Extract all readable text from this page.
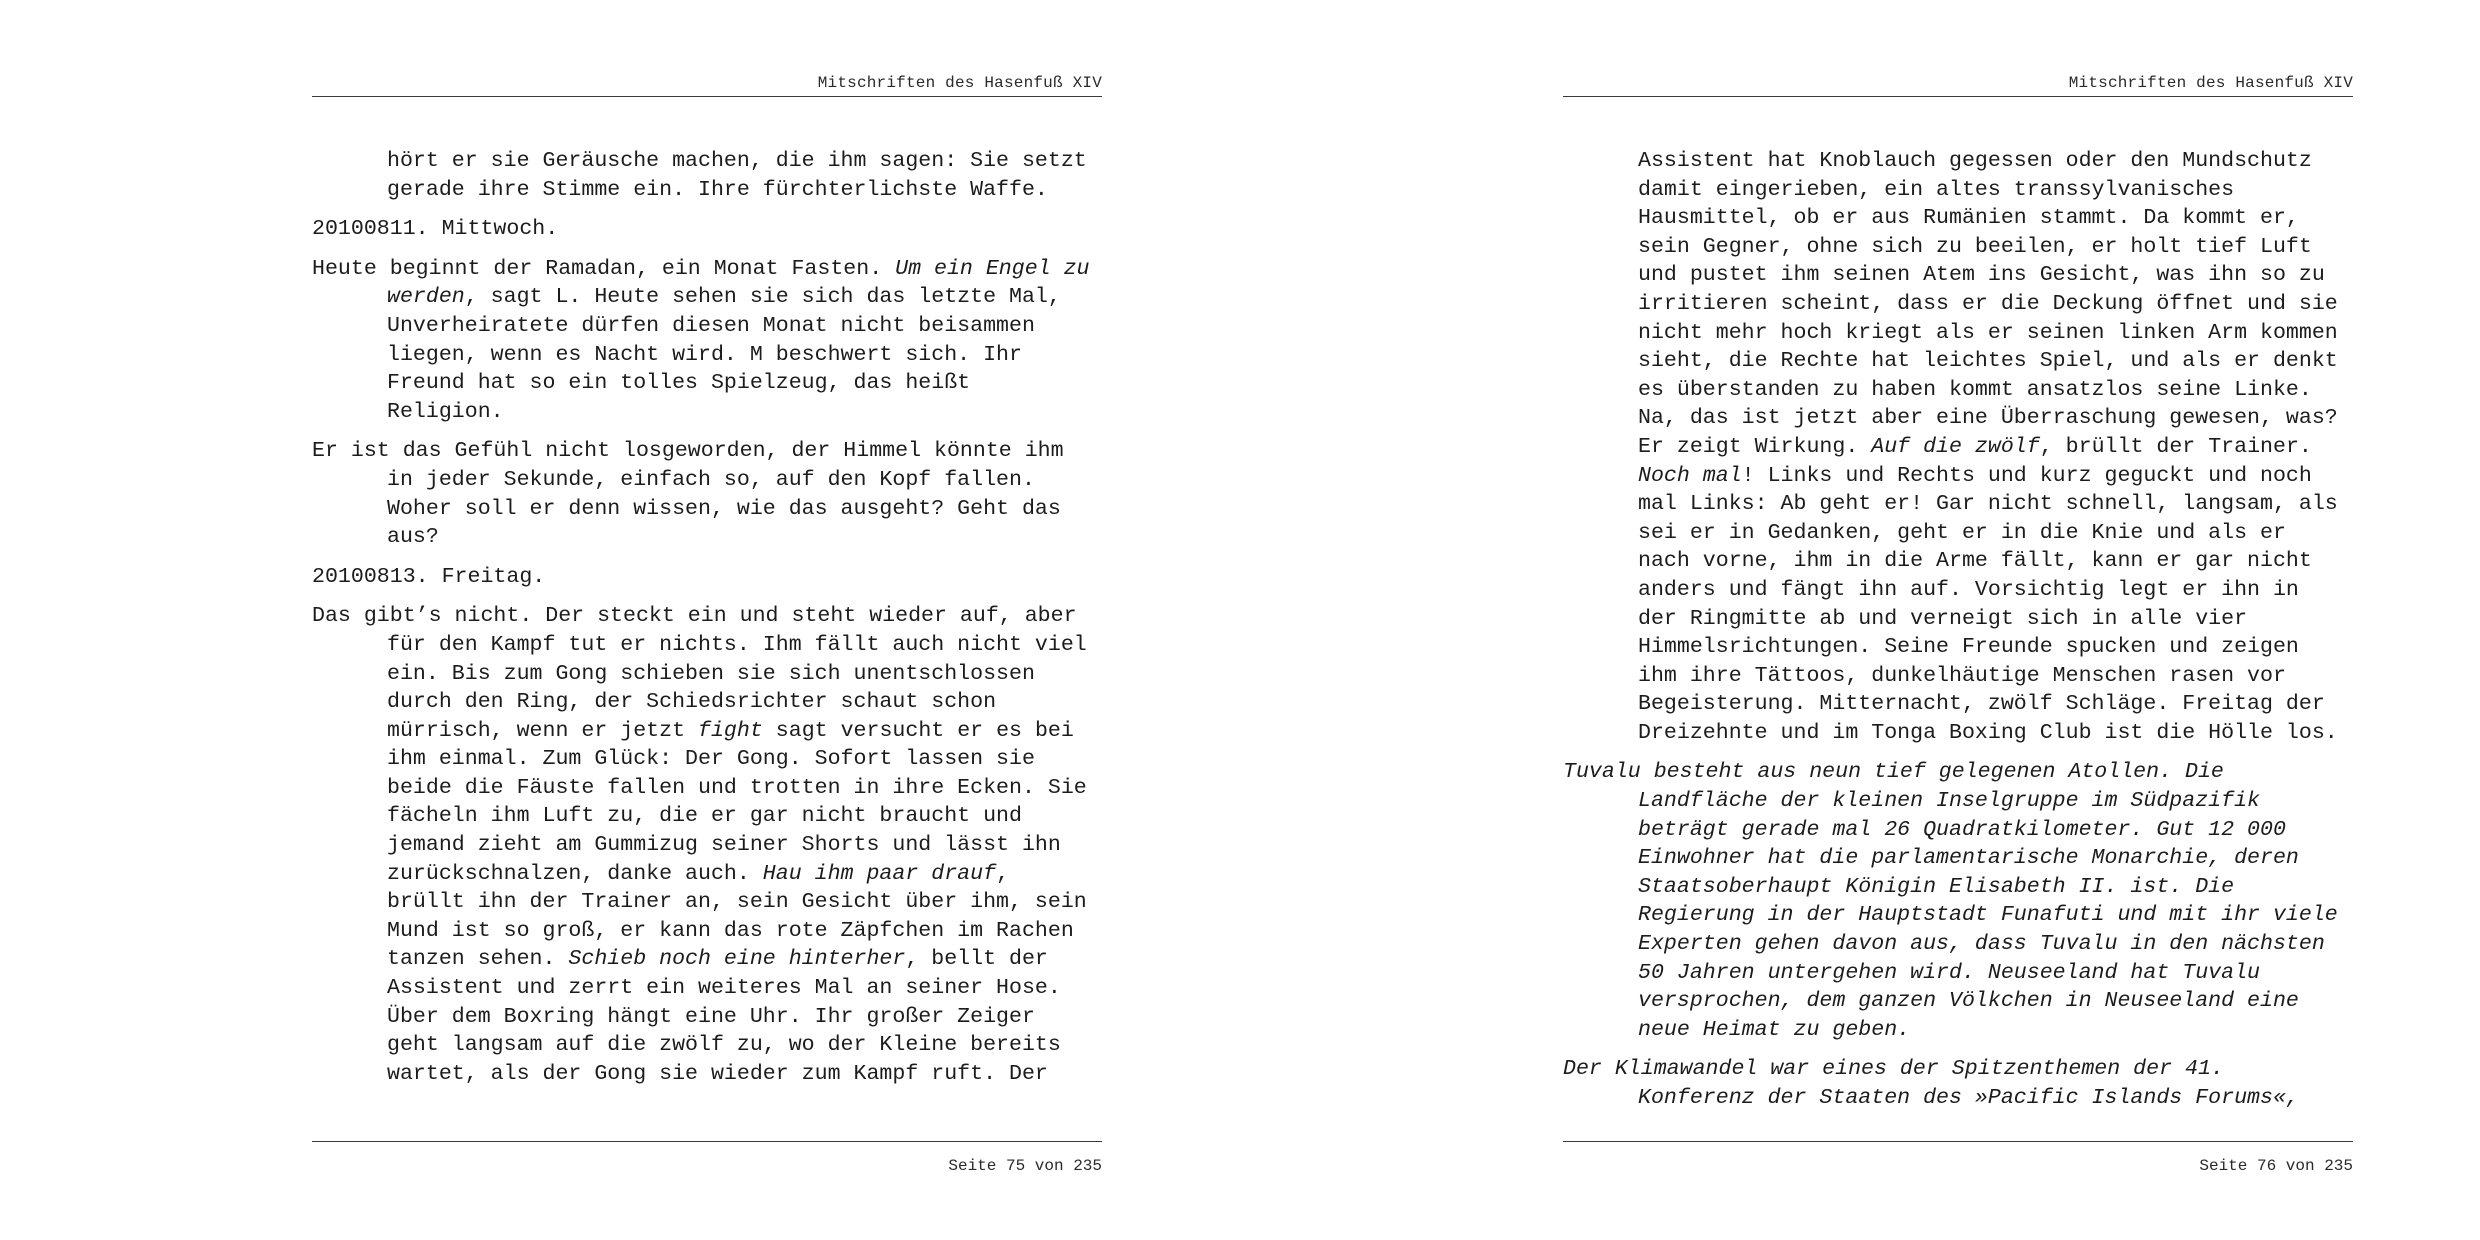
Mitschriften des Hasenfuß XIV

hört er sie Geräusche machen, die ihm sagen: Sie setzt
gerade ihre Stimme ein. Ihre fürchterlichste Waffe.

20100811. Mittwoch.

Heute beginnt der Ramadan, ein Monat Fasten. Um ein Engel zu
werden, sagt L. Heute sehen sie sich das letzte Mal,
Unverheiratete dürfen diesen Monat nicht beisammen
liegen, wenn es Nacht wird. M beschwert sich. Ihr
Freund hat so ein tolles Spielzeug, das heißt
Religion.

Er ist das Gefühl nicht losgeworden, der Himmel könnte ihm
in jeder Sekunde, einfach so, auf den Kopf fallen.
Woher soll er denn wissen, wie das ausgeht? Geht das
aus?

20100813. Freitag.

Das gibt’s nicht. Der steckt ein und steht wieder auf, aber
für den Kampf tut er nichts. Ihm fällt auch nicht viel
ein. Bis zum Gong schieben sie sich unentschlossen
durch den Ring, der Schiedsrichter schaut schon
mürrisch, wenn er jetzt fight sagt versucht er es bei
ihm einmal. Zum Glück: Der Gong. Sofort lassen sie
beide die Fäuste fallen und trotten in ihre Ecken. Sie
fächeln ihm Luft zu, die er gar nicht braucht und
jemand zieht am Gummizug seiner Shorts und lässt ihn
zurückschnalzen, danke auch. Hau ihm paar drauf,
brüllt ihn der Trainer an, sein Gesicht über ihm, sein
Mund ist so groß, er kann das rote Zäpfchen im Rachen
tanzen sehen. Schieb noch eine hinterher, bellt der
Assistent und zerrt ein weiteres Mal an seiner Hose.
Über dem Boxring hängt eine Uhr. Ihr großer Zeiger
geht langsam auf die zwölf zu, wo der Kleine bereits
wartet, als der Gong sie wieder zum Kampf ruft. Der

Seite 75 von 235
Mitschriften des Hasenfuß XIV

Assistent hat Knoblauch gegessen oder den Mundschutz
damit eingerieben, ein altes transsylvanisches
Hausmittel, ob er aus Rumänien stammt. Da kommt er,
sein Gegner, ohne sich zu beeilen, er holt tief Luft
und pustet ihm seinen Atem ins Gesicht, was ihn so zu
irritieren scheint, dass er die Deckung öffnet und sie
nicht mehr hoch kriegt als er seinen linken Arm kommen
sieht, die Rechte hat leichtes Spiel, und als er denkt
es überstanden zu haben kommt ansatzlos seine Linke.
Na, das ist jetzt aber eine Überraschung gewesen, was?
Er zeigt Wirkung. Auf die zwölf, brüllt der Trainer.
Noch mal! Links und Rechts und kurz geguckt und noch
mal Links: Ab geht er! Gar nicht schnell, langsam, als
sei er in Gedanken, geht er in die Knie und als er
nach vorne, ihm in die Arme fällt, kann er gar nicht
anders und fängt ihn auf. Vorsichtig legt er ihn in
der Ringmitte ab und verneigt sich in alle vier
Himmelsrichtungen. Seine Freunde spucken und zeigen
ihm ihre Tättoos, dunkelhäutige Menschen rasen vor
Begeisterung. Mitternacht, zwölf Schläge. Freitag der
Dreizehnte und im Tonga Boxing Club ist die Hölle los.

Tuvalu besteht aus neun tief gelegenen Atollen. Die
Landfläche der kleinen Inselgruppe im Südpazifik
beträgt gerade mal 26 Quadratkilometer. Gut 12 000
Einwohner hat die parlamentarische Monarchie, deren
Staatsoberhaupt Königin Elisabeth II. ist. Die
Regierung in der Hauptstadt Funafuti und mit ihr viele
Experten gehen davon aus, dass Tuvalu in den nächsten
50 Jahren untergehen wird. Neuseeland hat Tuvalu
versprochen, dem ganzen Völkchen in Neuseeland eine
neue Heimat zu geben.

Der Klimawandel war eines der Spitzenthemen der 41.
Konferenz der Staaten des »Pacific Islands Forums«,

Seite 76 von 235
